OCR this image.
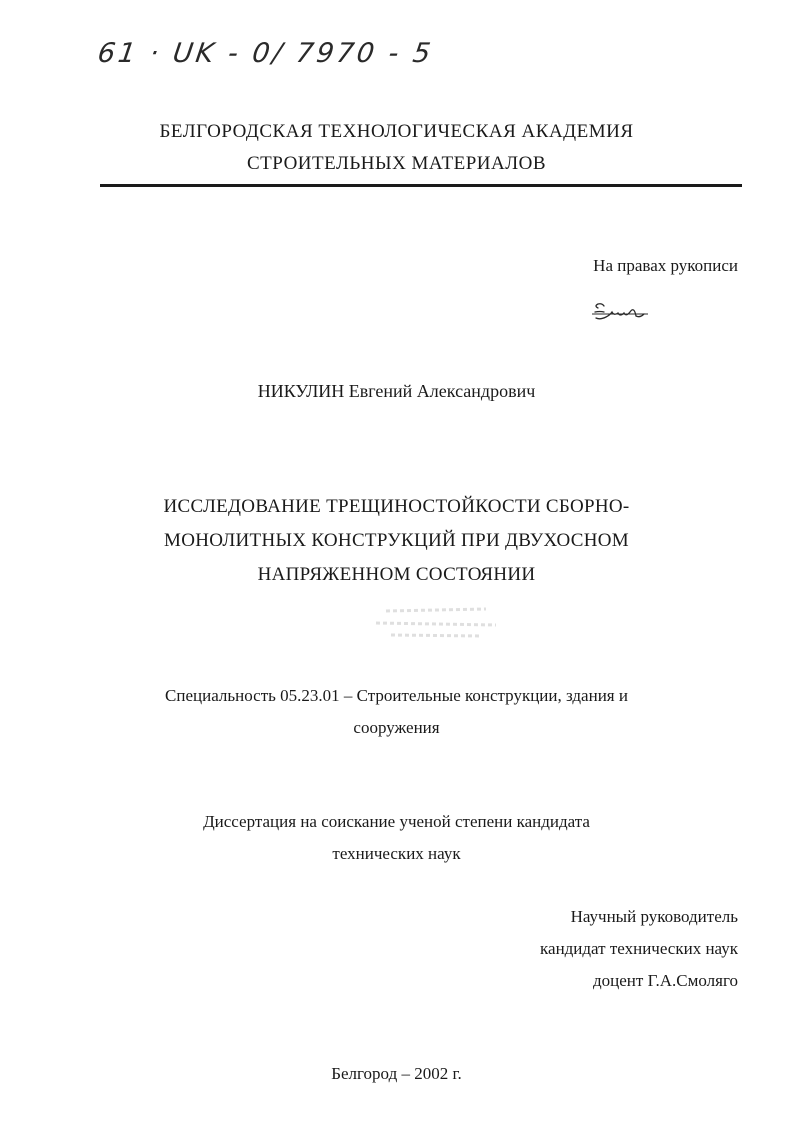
61 · UK - 0/ 7970 - 5
БЕЛГОРОДСКАЯ ТЕХНОЛОГИЧЕСКАЯ АКАДЕМИЯ
СТРОИТЕЛЬНЫХ МАТЕРИАЛОВ
На правах рукописи
НИКУЛИН Евгений Александрович
ИССЛЕДОВАНИЕ ТРЕЩИНОСТОЙКОСТИ СБОРНО-
МОНОЛИТНЫХ КОНСТРУКЦИЙ ПРИ ДВУХОСНОМ
НАПРЯЖЕННОМ СОСТОЯНИИ
Специальность 05.23.01 – Строительные конструкции, здания и
сооружения
Диссертация на соискание ученой степени кандидата
технических наук
Научный руководитель
кандидат технических наук
доцент Г.А.Смоляго
Белгород – 2002 г.
